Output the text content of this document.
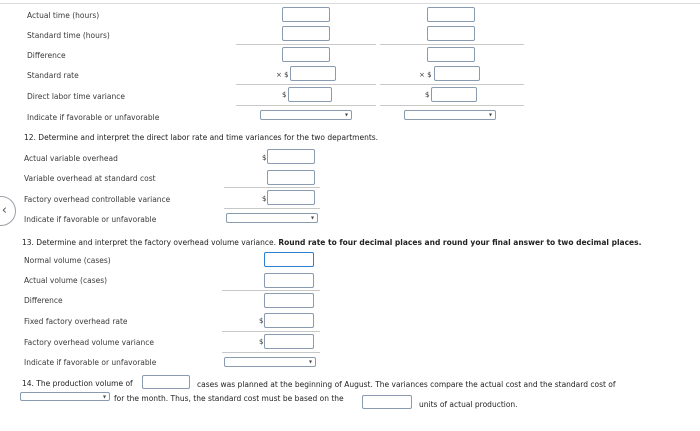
Actual time (hours)
Standard time (hours)
Difference
Standard rate
Direct labor time variance
Indicate if favorable or unfavorable
× $
$
▾
× $
$
▾
12. Determine and interpret the direct labor rate and time variances for the two departments.
Actual variable overhead
Variable overhead at standard cost
Factory overhead controllable variance
Indicate if favorable or unfavorable
$
$
▾
13. Determine and interpret the factory overhead volume variance. Round rate to four decimal places and round your final answer to two decimal places.
Normal volume (cases)
Actual volume (cases)
Difference
Fixed factory overhead rate
Factory overhead volume variance
Indicate if favorable or unfavorable
$
$
▾
14. The production volume of	cases was planned at the beginning of August. The variances compare the actual cost and the standard cost of
▾ for the month. Thus, the standard cost must be based on the
units of actual production.
‹
